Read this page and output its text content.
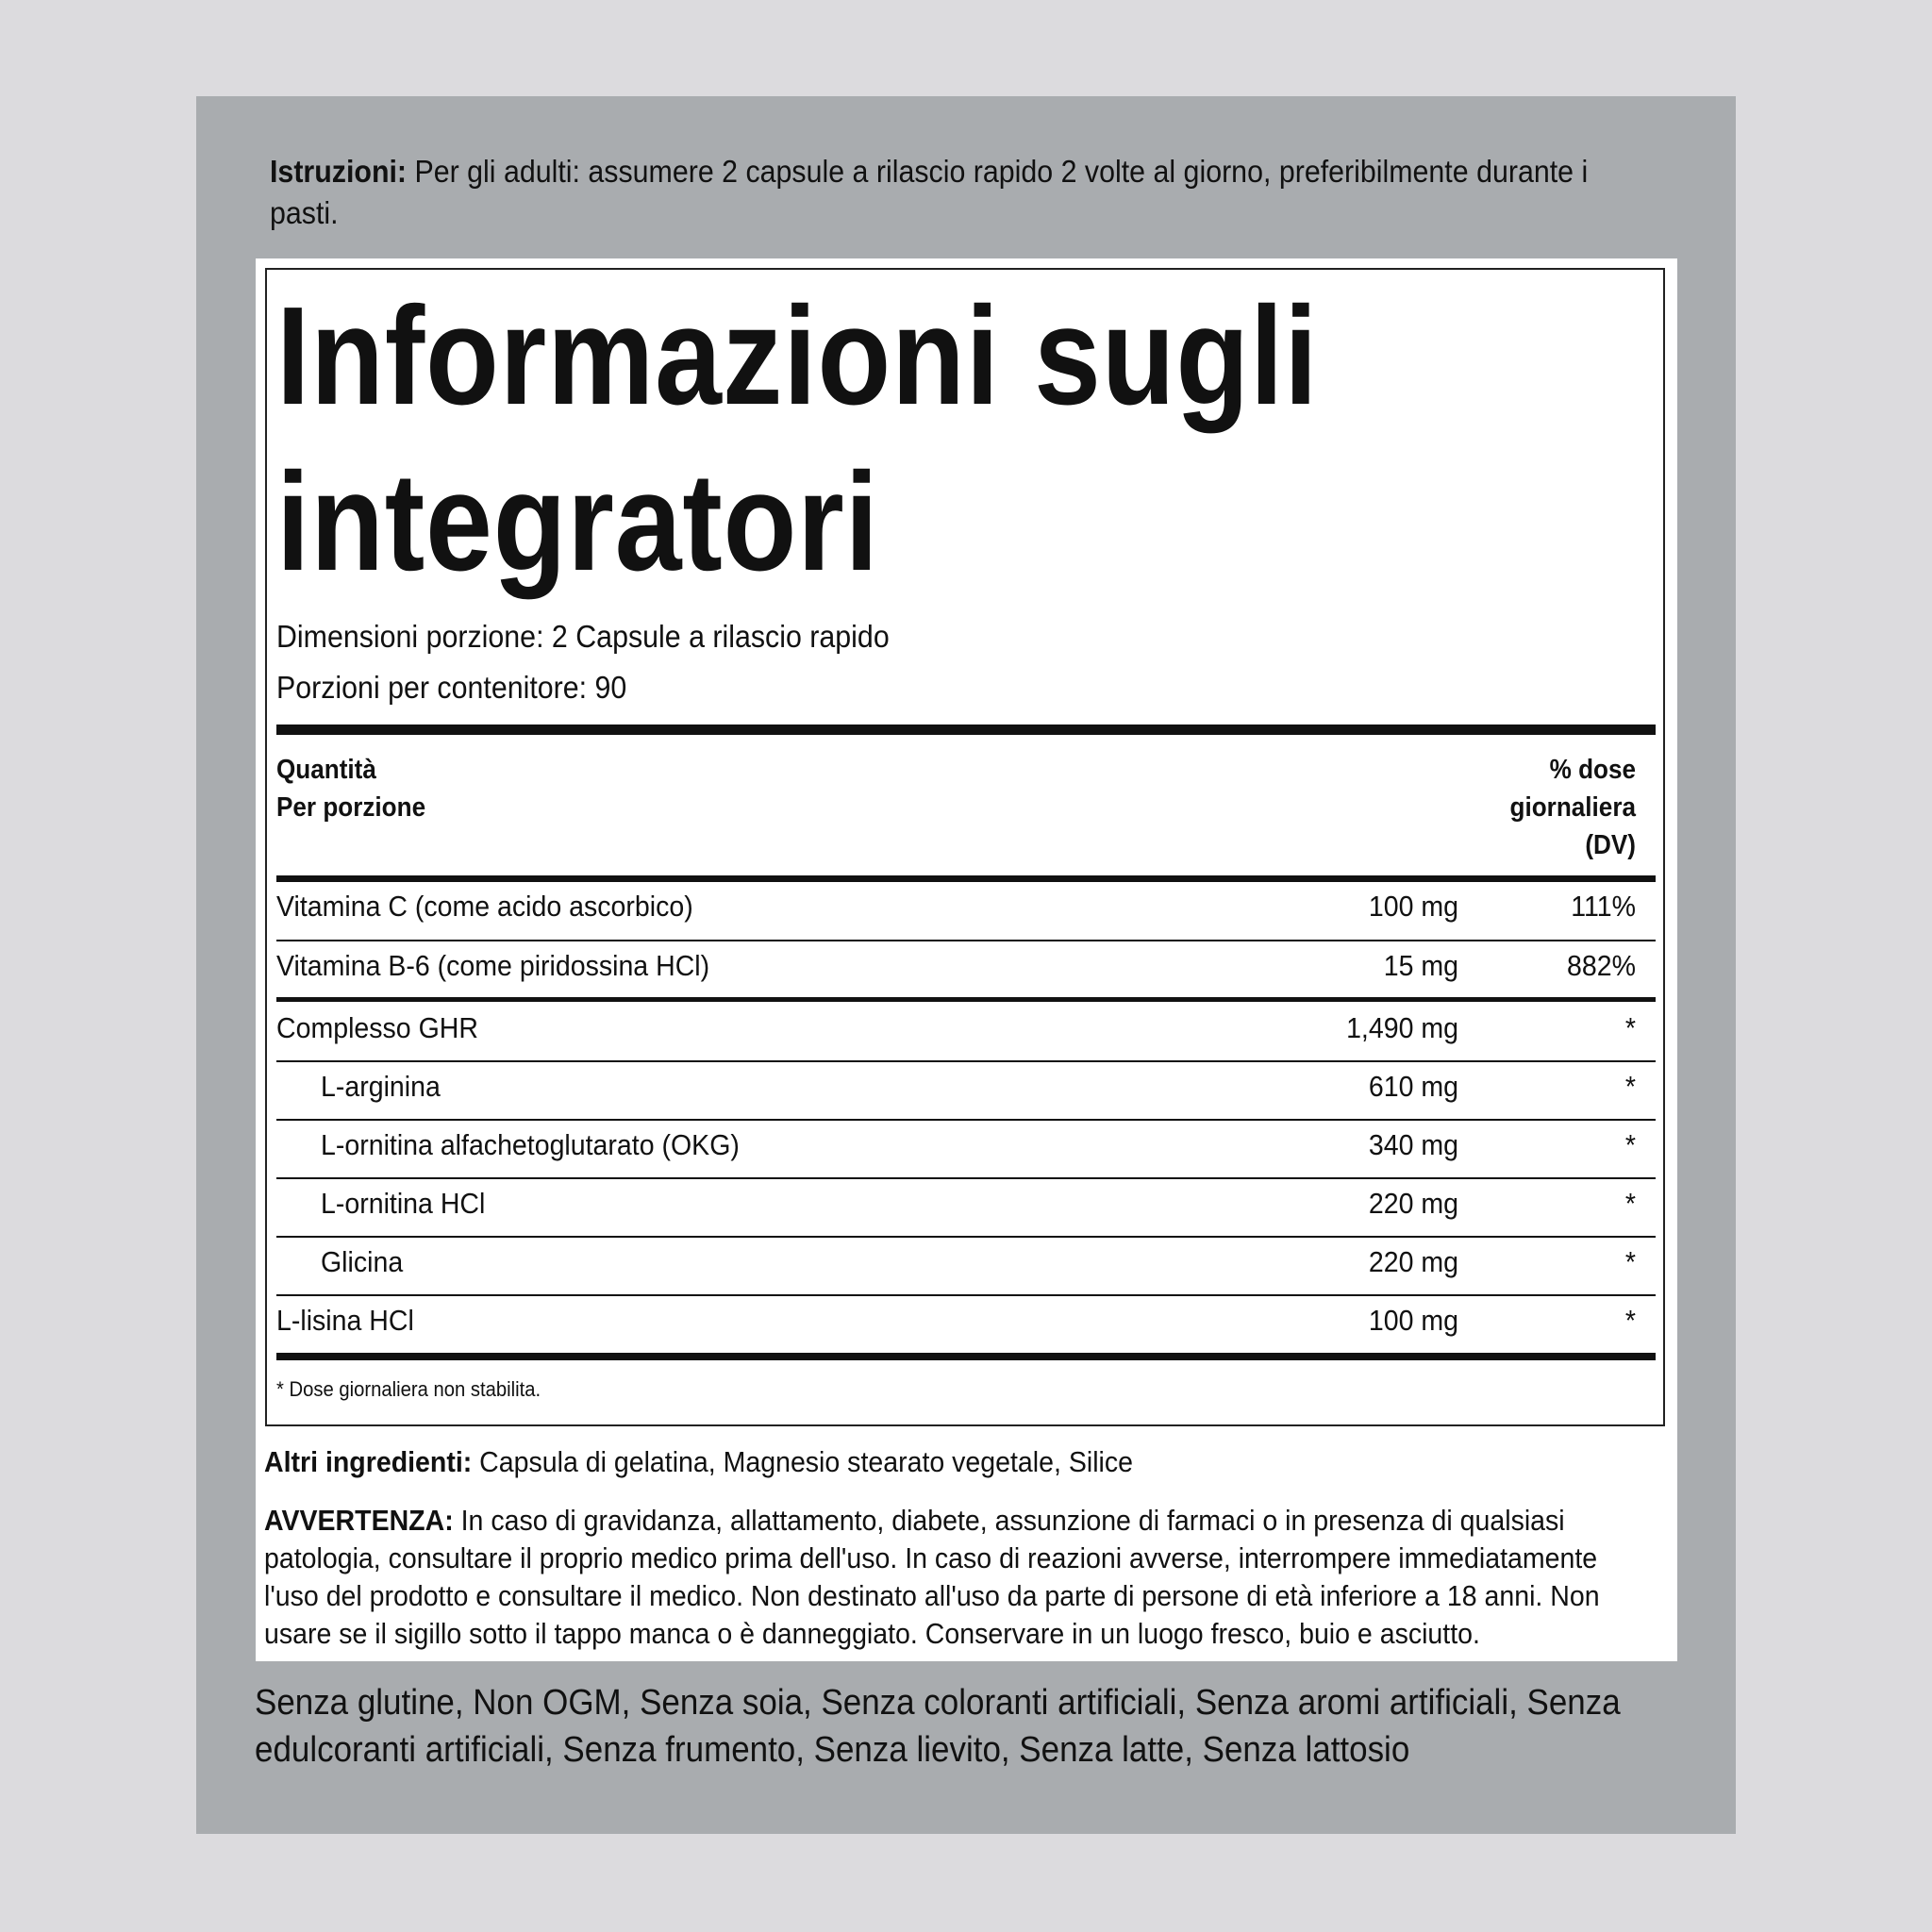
Istruzioni: Per gli adulti: assumere 2 capsule a rilascio rapido 2 volte al giorno, preferibilmente durante i pasti.
Informazioni sugli
integratori
Dimensioni porzione: 2 Capsule a rilascio rapido
Porzioni per contenitore: 90
Quantità
Per porzione
% dose
giornaliera
(DV)
Vitamina C (come acido ascorbico)	100 mg	111%
Vitamina B-6 (come piridossina HCl)	15 mg	882%
Complesso GHR	1,490 mg	*
L-arginina	610 mg	*
L-ornitina alfachetoglutarato (OKG)	340 mg	*
L-ornitina HCl	220 mg	*
Glicina	220 mg	*
L-lisina HCl	100 mg	*
* Dose giornaliera non stabilita.
Altri ingredienti: Capsula di gelatina, Magnesio stearato vegetale, Silice
AVVERTENZA: In caso di gravidanza, allattamento, diabete, assunzione di farmaci o in presenza di qualsiasi patologia, consultare il proprio medico prima dell'uso. In caso di reazioni avverse, interrompere immediatamente l'uso del prodotto e consultare il medico. Non destinato all'uso da parte di persone di età inferiore a 18 anni. Non usare se il sigillo sotto il tappo manca o è danneggiato. Conservare in un luogo fresco, buio e asciutto.
Senza glutine, Non OGM, Senza soia, Senza coloranti artificiali, Senza aromi artificiali, Senza edulcoranti artificiali, Senza frumento, Senza lievito, Senza latte, Senza lattosio
